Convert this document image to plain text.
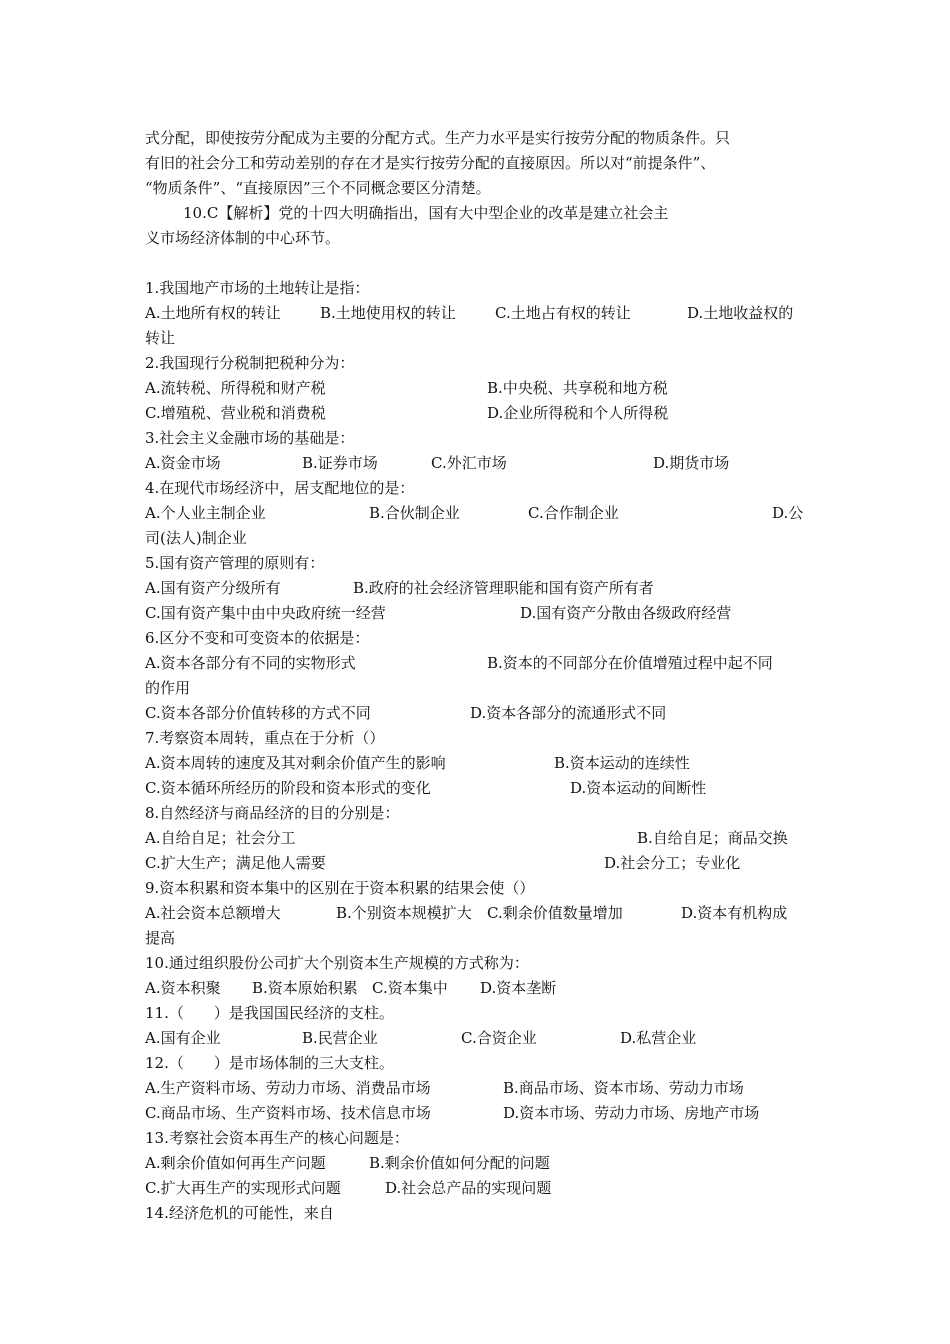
式分配，即使按劳分配成为主要的分配方式。生产力水平是实行按劳分配的物质条件。只

有旧的社会分工和劳动差别的存在才是实行按劳分配的直接原因。所以对“前提条件”、

“物质条件”、“直接原因”三个不同概念要区分清楚。

10.C【解析】党的十四大明确指出，国有大中型企业的改革是建立社会主

义市场经济体制的中心环节。

1.我国地产市场的土地转让是指：

A.土地所有权的转让	B.土地使用权的转让	C.土地占有权的转让	D.土地收益权的

转让

2.我国现行分税制把税种分为：

A.流转税、所得税和财产税	B.中央税、共享税和地方税
C.增殖税、营业税和消费税	D.企业所得税和个人所得税

3.社会主义金融市场的基础是：

A.资金市场	B.证券市场	C.外汇市场	D.期货市场

4.在现代市场经济中，居支配地位的是：

A.个人业主制企业	B.合伙制企业	C.合作制企业	D.公

司(法人)制企业

5.国有资产管理的原则有：

A.国有资产分级所有	B.政府的社会经济管理职能和国有资产所有者
C.国有资产集中由中央政府统一经营	D.国有资产分散由各级政府经营

6.区分不变和可变资本的依据是：

A.资本各部分有不同的实物形式	B.资本的不同部分在价值增殖过程中起不同

的作用

C.资本各部分价值转移的方式不同	D.资本各部分的流通形式不同

7.考察资本周转，重点在于分析（）

A.资本周转的速度及其对剩余价值产生的影响	B.资本运动的连续性
C.资本循环所经历的阶段和资本形式的变化	D.资本运动的间断性

8.自然经济与商品经济的目的分别是：

A.自给自足；社会分工	B.自给自足；商品交换
C.扩大生产；满足他人需要	D.社会分工；专业化

9.资本积累和资本集中的区别在于资本积累的结果会使（）

A.社会资本总额增大	B.个别资本规模扩大 C.剩余价值数量增加	D.资本有机构成

提高

10.通过组织股份公司扩大个别资本生产规模的方式称为：

A.资本积聚 B.资本原始积累 C.资本集中 D.资本垄断

11.（　　）是我国国民经济的支柱。

A.国有企业	B.民营企业	C.合资企业	D.私营企业

12.（　　）是市场体制的三大支柱。

A.生产资料市场、劳动力市场、消费品市场	B.商品市场、资本市场、劳动力市场
C.商品市场、生产资料市场、技术信息市场	D.资本市场、劳动力市场、房地产市场

13.考察社会资本再生产的核心问题是：

A.剩余价值如何再生产问题	B.剩余价值如何分配的问题
C.扩大再生产的实现形式问题	D.社会总产品的实现问题

14.经济危机的可能性，来自
